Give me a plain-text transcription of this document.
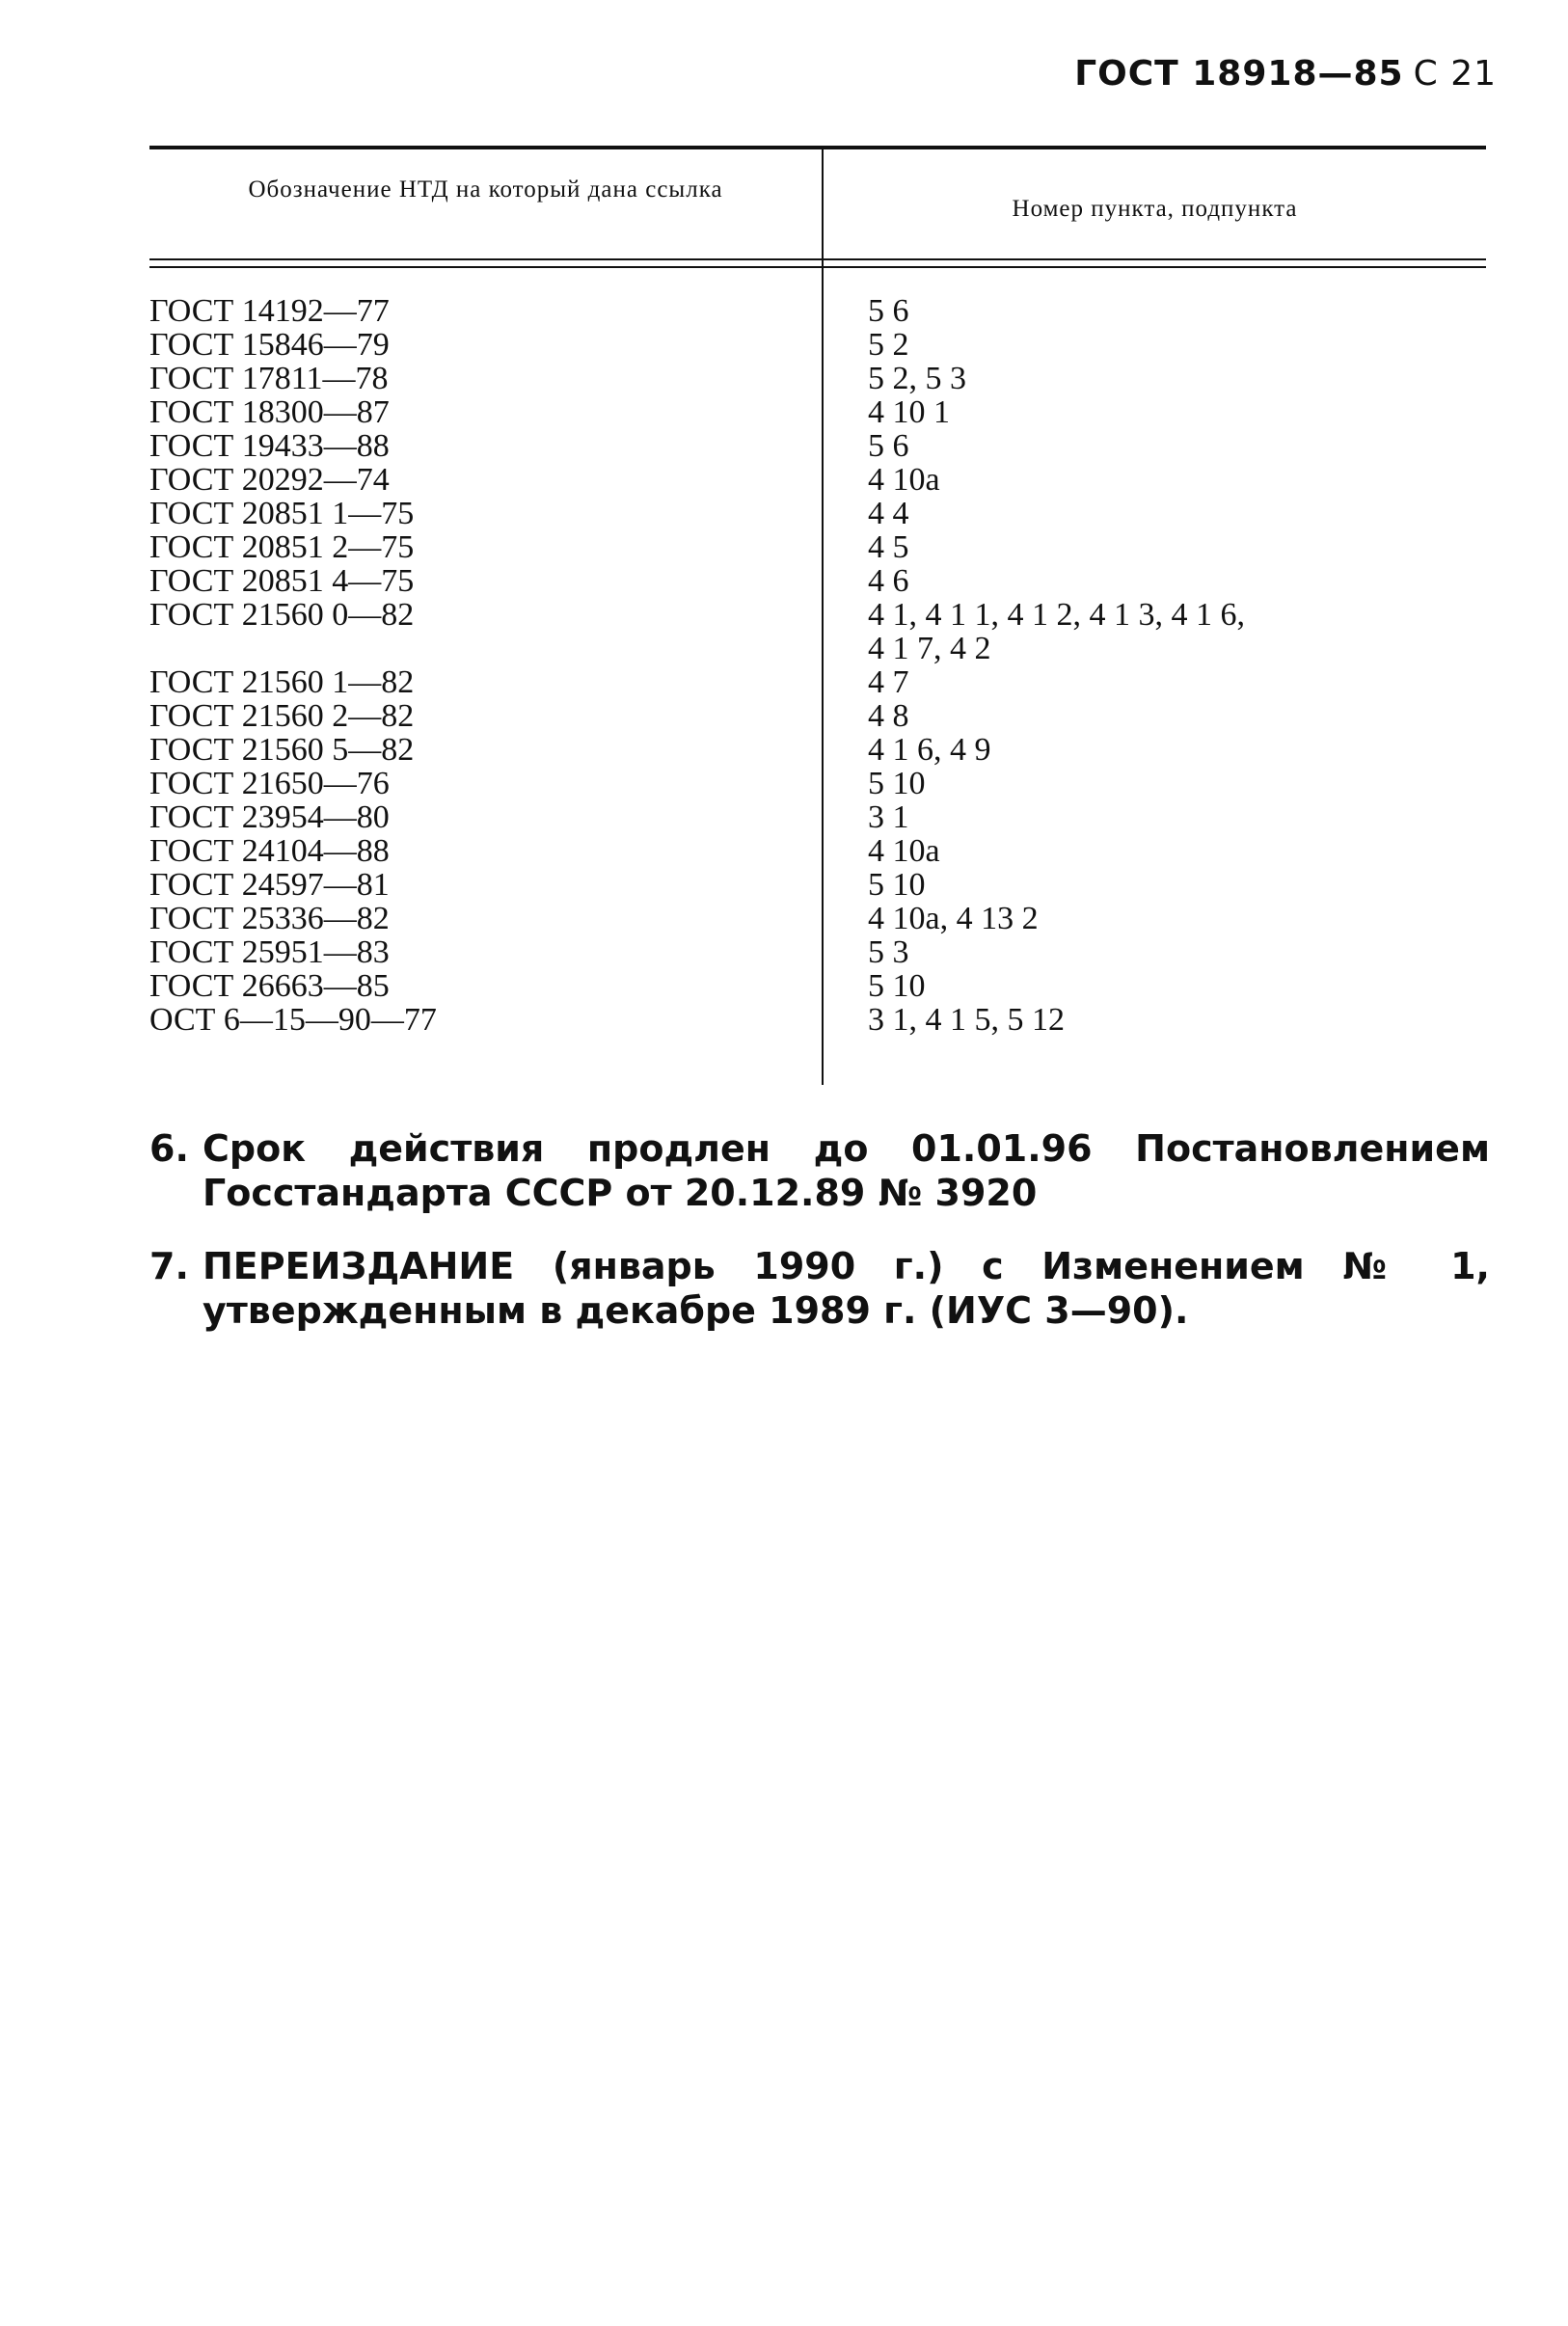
ГОСТ 18918—85 С 21
Обозначение НТД на который дана ссылка
Номер пункта, подпункта
ГОСТ 14192—77	5 6
ГОСТ 15846—79	5 2
ГОСТ 17811—78	5 2, 5 3
ГОСТ 18300—87	4 10 1
ГОСТ 19433—88	5 6
ГОСТ 20292—74	4 10а
ГОСТ 20851 1—75	4 4
ГОСТ 20851 2—75	4 5
ГОСТ 20851 4—75	4 6
ГОСТ 21560 0—82	4 1, 4 1 1, 4 1 2, 4 1 3, 4 1 6,
4 1 7, 4 2
ГОСТ 21560 1—82	4 7
ГОСТ 21560 2—82	4 8
ГОСТ 21560 5—82	4 1 6, 4 9
ГОСТ 21650—76	5 10
ГОСТ 23954—80	3 1
ГОСТ 24104—88	4 10а
ГОСТ 24597—81	5 10
ГОСТ 25336—82	4 10а, 4 13 2
ГОСТ 25951—83	5 3
ГОСТ 26663—85	5 10
ОСТ 6—15—90—77	3 1, 4 1 5, 5 12
6. Срок действия продлен до 01.01.96 Постановлением Госстандарта СССР от 20.12.89 № 3920
7. ПЕРЕИЗДАНИЕ (январь 1990 г.) с Изменением № 1, утвержденным в декабре 1989 г. (ИУС 3—90).
